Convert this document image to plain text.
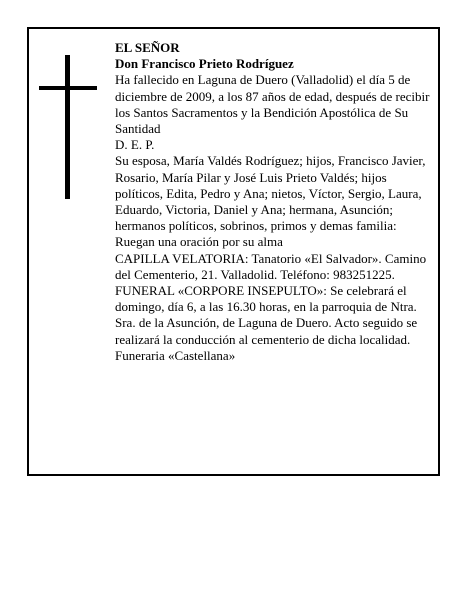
EL SEÑOR

Don Francisco Prieto Rodríguez

Ha fallecido en Laguna de Duero (Valladolid) el día 5 de diciembre de 2009, a los 87 años de edad, después de recibir los Santos Sacramentos y la Bendición Apostólica de Su Santidad

D. E. P.

Su esposa, María Valdés Rodríguez; hijos, Francisco Javier, Rosario, María Pilar y José Luis Prieto Valdés; hijos políticos, Edita, Pedro y Ana; nietos, Víctor, Sergio, Laura, Eduardo, Victoria, Daniel y Ana; hermana, Asunción; hermanos políticos, sobrinos, primos y demas familia:

Ruegan una oración por su alma

CAPILLA VELATORIA: Tanatorio «El Salvador». Camino del Cementerio, 21. Valladolid. Teléfono: 983251225.

FUNERAL «CORPORE INSEPULTO»: Se celebrará el domingo, día 6, a las 16.30 horas, en la parroquia de Ntra. Sra. de la Asunción, de Laguna de Duero. Acto seguido se realizará la conducción al cementerio de dicha localidad.

Funeraria «Castellana»
